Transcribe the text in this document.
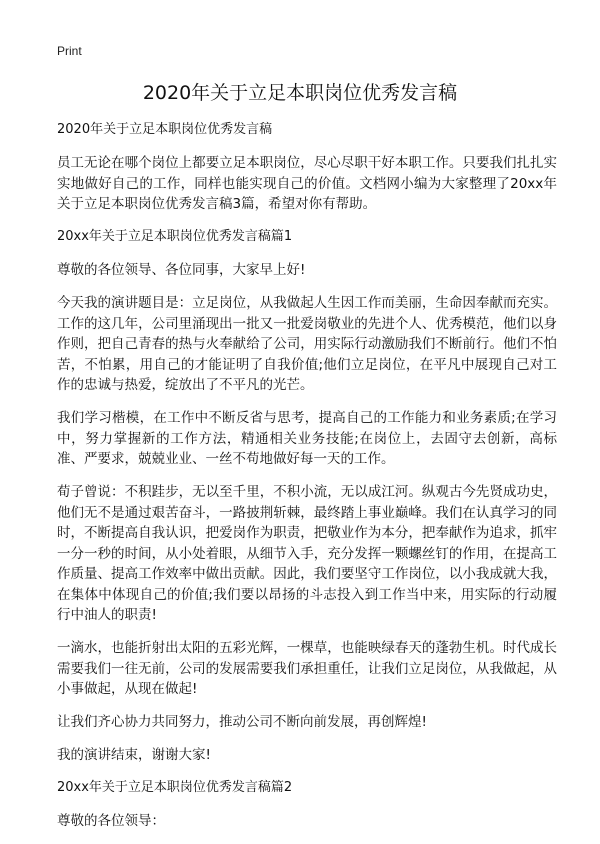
Print
2020年关于立足本职岗位优秀发言稿

2020年关于立足本职岗位优秀发言稿

员工无论在哪个岗位上都要立足本职岗位，尽心尽职干好本职工作。只要我们扎扎实实地做好自己的工作，同样也能实现自己的价值。文档网小编为大家整理了20xx年关于立足本职岗位优秀发言稿3篇，希望对你有帮助。

20xx年关于立足本职岗位优秀发言稿篇1

尊敬的各位领导、各位同事，大家早上好!

今天我的演讲题目是：立足岗位，从我做起人生因工作而美丽，生命因奉献而充实。工作的这几年，公司里涌现出一批又一批爱岗敬业的先进个人、优秀模范，他们以身作则，把自己青春的热与火奉献给了公司，用实际行动激励我们不断前行。他们不怕苦，不怕累，用自己的才能证明了自我价值;他们立足岗位，在平凡中展现自己对工作的忠诚与热爱，绽放出了不平凡的光芒。

我们学习楷模，在工作中不断反省与思考，提高自己的工作能力和业务素质;在学习中，努力掌握新的工作方法，精通相关业务技能;在岗位上，去固守去创新，高标准、严要求，兢兢业业、一丝不苟地做好每一天的工作。

荀子曾说：不积跬步，无以至千里，不积小流，无以成江河。纵观古今先贤成功史，他们无不是通过艰苦奋斗，一路披荆斩棘，最终踏上事业巅峰。我们在认真学习的同时，不断提高自我认识，把爱岗作为职责，把敬业作为本分，把奉献作为追求，抓牢一分一秒的时间，从小处着眼，从细节入手，充分发挥一颗螺丝钉的作用，在提高工作质量、提高工作效率中做出贡献。因此，我们要坚守工作岗位，以小我成就大我，在集体中体现自己的价值;我们要以昂扬的斗志投入到工作当中来，用实际的行动履行中油人的职责!

一滴水，也能折射出太阳的五彩光辉，一棵草，也能映绿春天的蓬勃生机。时代成长需要我们一往无前，公司的发展需要我们承担重任，让我们立足岗位，从我做起，从小事做起，从现在做起!

让我们齐心协力共同努力，推动公司不断向前发展，再创辉煌!

我的演讲结束，谢谢大家!

20xx年关于立足本职岗位优秀发言稿篇2

尊敬的各位领导：
